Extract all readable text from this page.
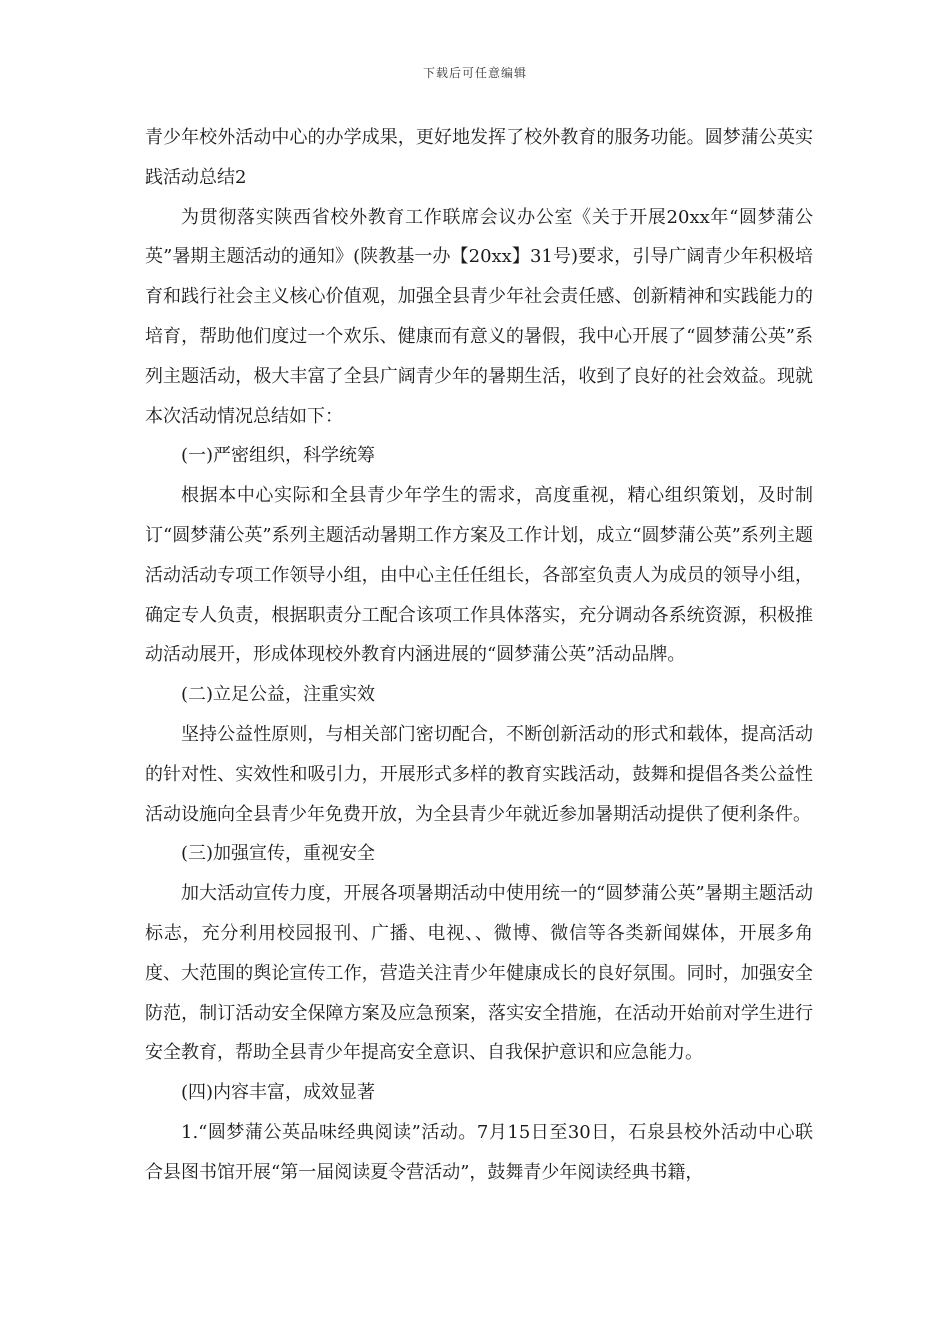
下载后可任意编辑

青少年校外活动中心的办学成果，更好地发挥了校外教育的服务功能。圆梦蒲公英实践活动总结2

为贯彻落实陕西省校外教育工作联席会议办公室《关于开展20xx年“圆梦蒲公英”暑期主题活动的通知》(陕教基一办【20xx】31号)要求，引导广阔青少年积极培育和践行社会主义核心价值观，加强全县青少年社会责任感、创新精神和实践能力的培育，帮助他们度过一个欢乐、健康而有意义的暑假，我中心开展了“圆梦蒲公英”系列主题活动，极大丰富了全县广阔青少年的暑期生活，收到了良好的社会效益。现就本次活动情况总结如下：

(一)严密组织，科学统筹

根据本中心实际和全县青少年学生的需求，高度重视，精心组织策划，及时制订“圆梦蒲公英”系列主题活动暑期工作方案及工作计划，成立“圆梦蒲公英”系列主题活动活动专项工作领导小组，由中心主任任组长，各部室负责人为成员的领导小组，确定专人负责，根据职责分工配合该项工作具体落实，充分调动各系统资源，积极推动活动展开，形成体现校外教育内涵进展的“圆梦蒲公英”活动品牌。

(二)立足公益，注重实效

坚持公益性原则，与相关部门密切配合，不断创新活动的形式和载体，提高活动的针对性、实效性和吸引力，开展形式多样的教育实践活动，鼓舞和提倡各类公益性活动设施向全县青少年免费开放，为全县青少年就近参加暑期活动提供了便利条件。

(三)加强宣传，重视安全

加大活动宣传力度，开展各项暑期活动中使用统一的“圆梦蒲公英”暑期主题活动标志，充分利用校园报刊、广播、电视、、微博、微信等各类新闻媒体，开展多角度、大范围的舆论宣传工作，营造关注青少年健康成长的良好氛围。同时，加强安全防范，制订活动安全保障方案及应急预案，落实安全措施，在活动开始前对学生进行安全教育，帮助全县青少年提高安全意识、自我保护意识和应急能力。

(四)内容丰富，成效显著

1.“圆梦蒲公英品味经典阅读”活动。7月15日至30日，石泉县校外活动中心联合县图书馆开展“第一届阅读夏令营活动”，鼓舞青少年阅读经典书籍，
